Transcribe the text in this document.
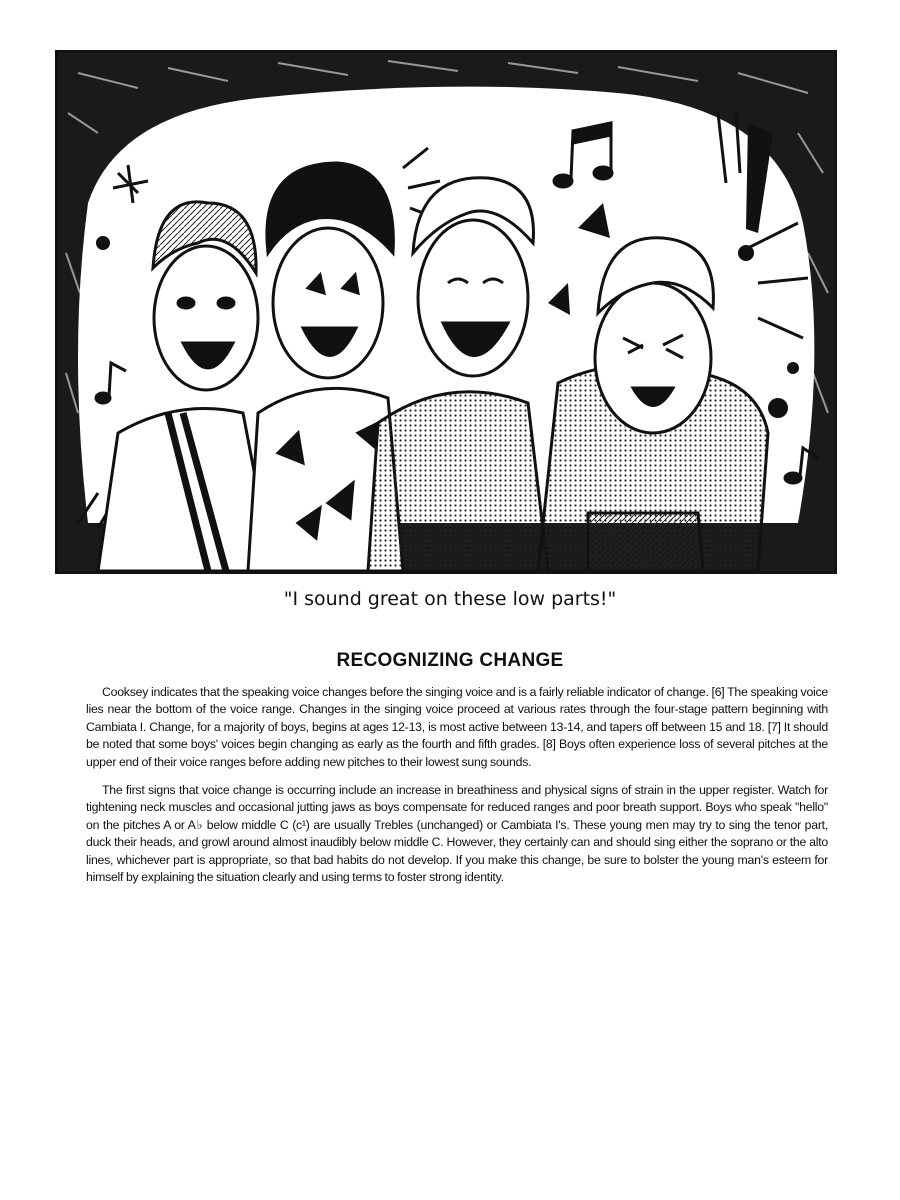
"I sound great on these low parts!"
RECOGNIZING CHANGE

Cooksey indicates that the speaking voice changes before the singing voice and is a fairly reliable indicator of change. [6] The speaking voice lies near the bottom of the voice range. Changes in the singing voice proceed at various rates through the four-stage pattern beginning with Cambiata I. Change, for a majority of boys, begins at ages 12-13, is most active between 13-14, and tapers off between 15 and 18. [7] It should be noted that some boys' voices begin changing as early as the fourth and fifth grades. [8] Boys often experience loss of several pitches at the upper end of their voice ranges before adding new pitches to their lowest sung sounds.

The first signs that voice change is occurring include an increase in breathiness and physical signs of strain in the upper register. Watch for tightening neck muscles and occasional jutting jaws as boys compensate for reduced ranges and poor breath support. Boys who speak "hello" on the pitches A or A♭ below middle C (c¹) are usually Trebles (unchanged) or Cambiata I's. These young men may try to sing the tenor part, duck their heads, and growl around almost inaudibly below middle C. However, they certainly can and should sing either the soprano or the alto lines, whichever part is appropriate, so that bad habits do not develop. If you make this change, be sure to bolster the young man's esteem for himself by explaining the situation clearly and using terms to foster strong identity.
